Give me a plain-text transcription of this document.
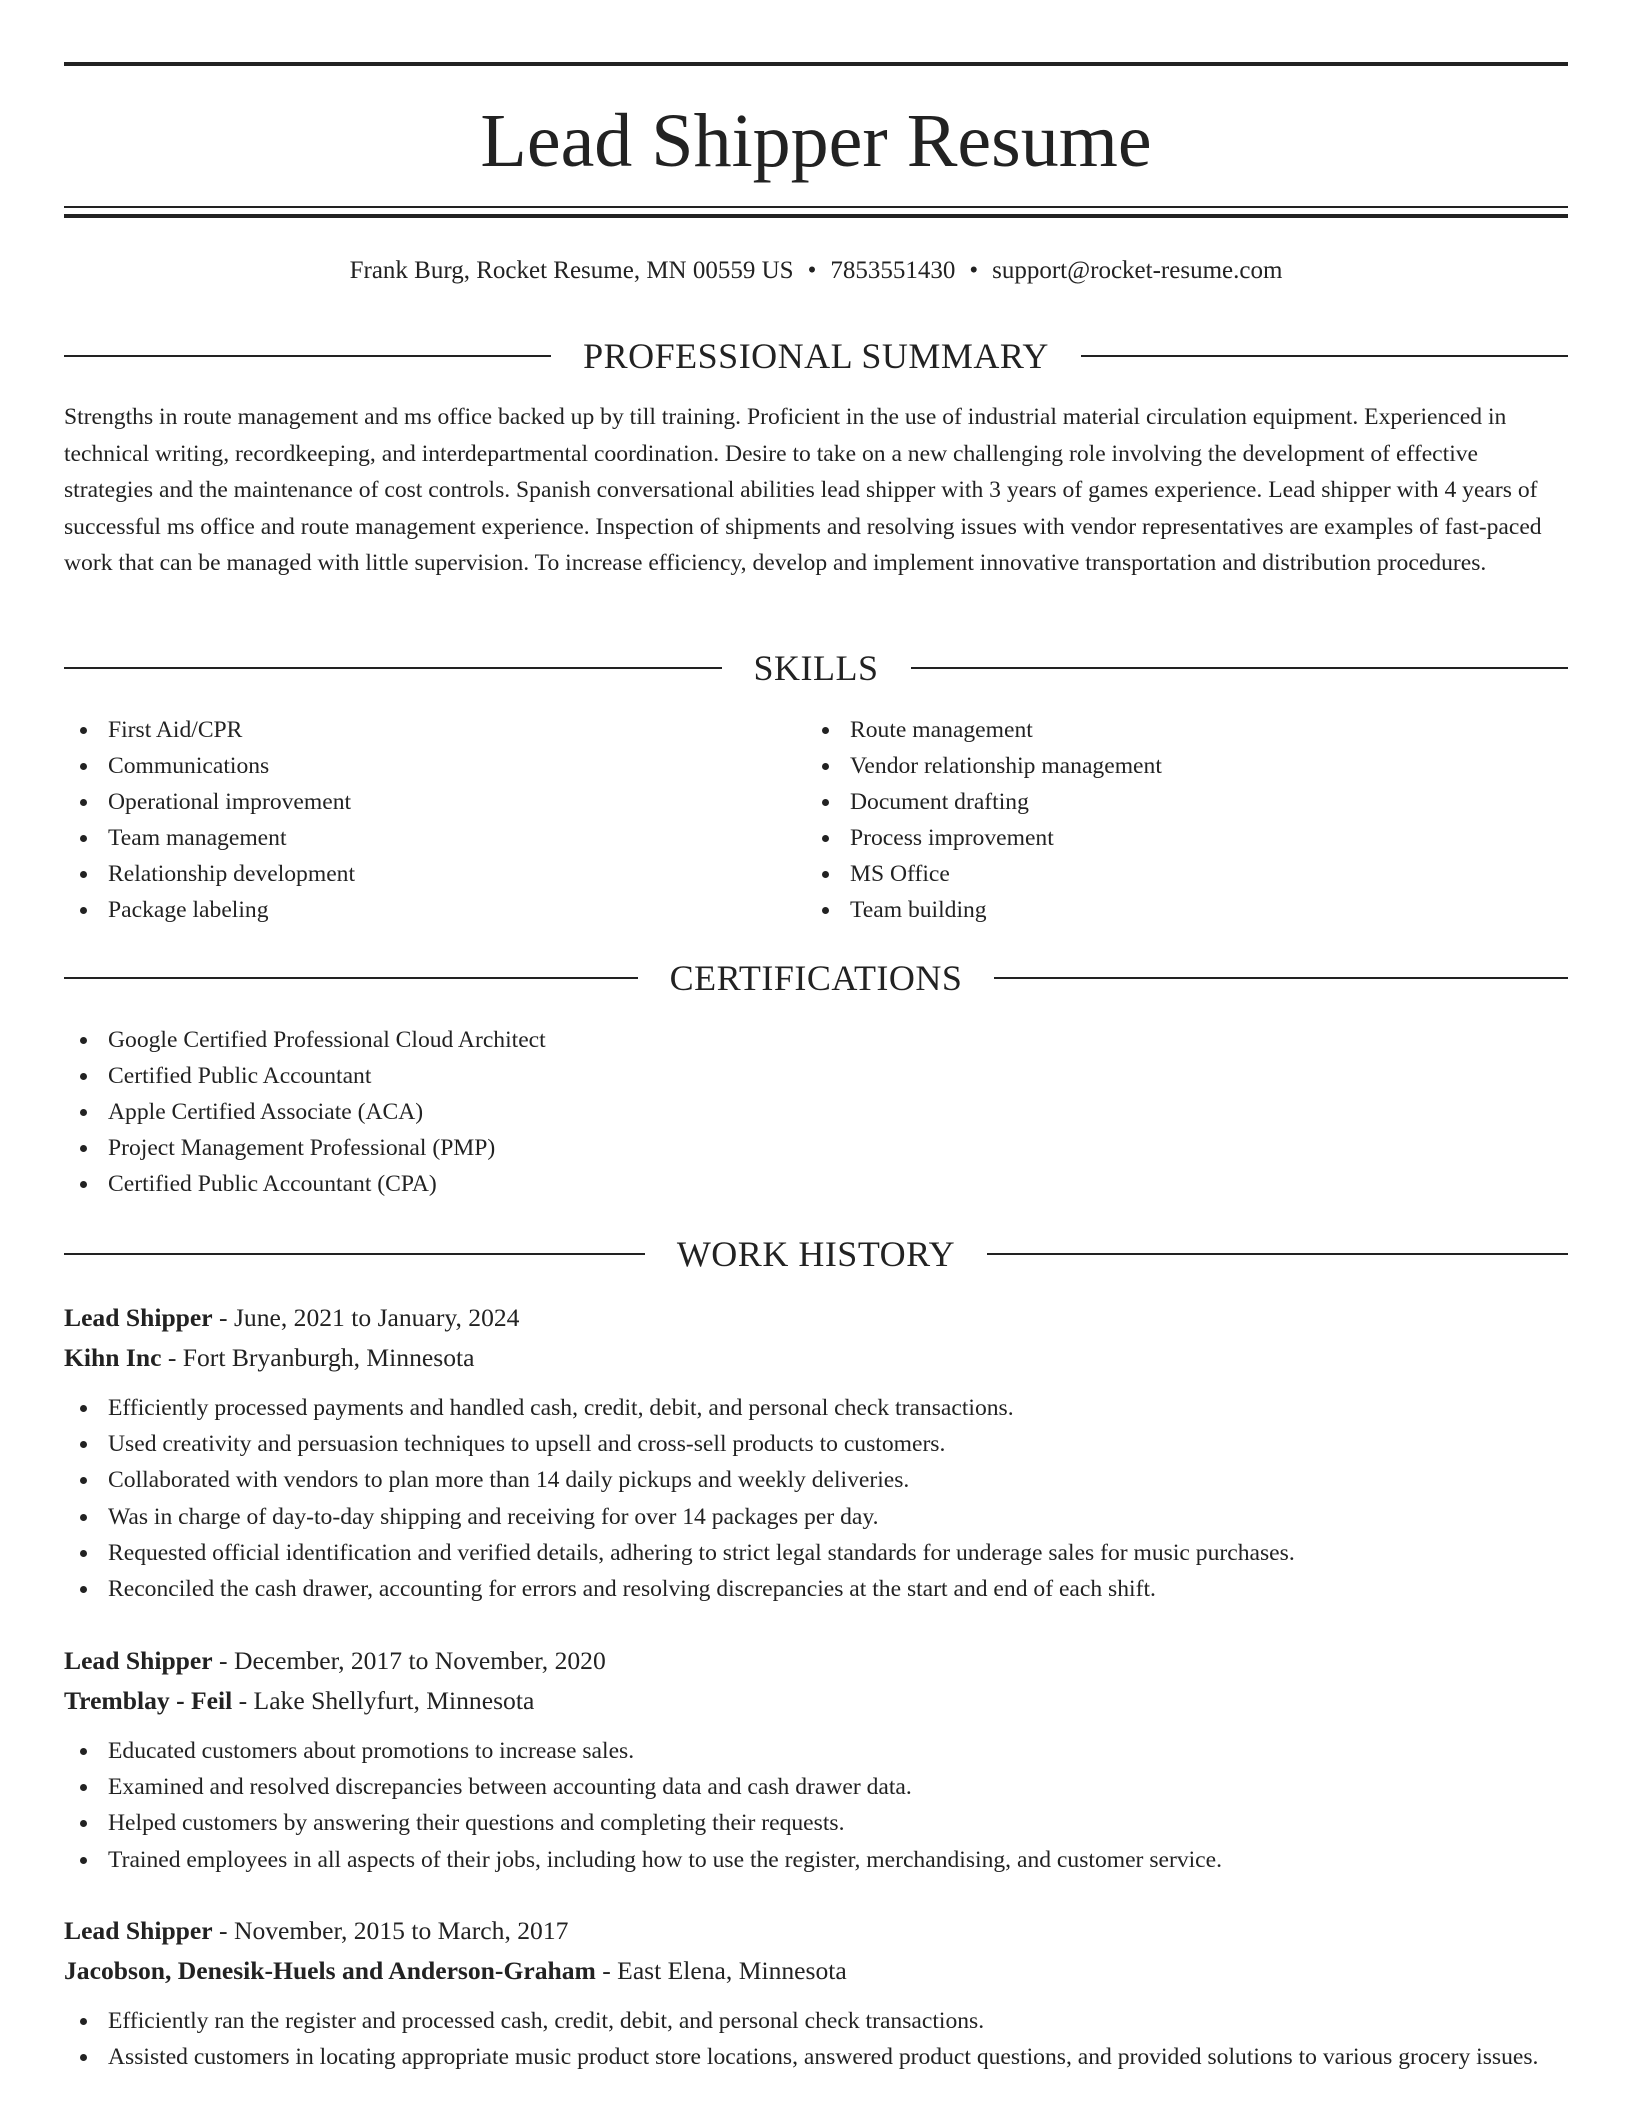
Lead Shipper Resume
Frank Burg, Rocket Resume, MN 00559 US • 7853551430 • support@rocket-resume.com
PROFESSIONAL SUMMARY

Strengths in route management and ms office backed up by till training. Proficient in the use of industrial material circulation equipment. Experienced in technical writing, recordkeeping, and interdepartmental coordination. Desire to take on a new challenging role involving the development of effective strategies and the maintenance of cost controls. Spanish conversational abilities lead shipper with 3 years of games experience. Lead shipper with 4 years of successful ms office and route management experience. Inspection of shipments and resolving issues with vendor representatives are examples of fast-paced work that can be managed with little supervision. To increase efficiency, develop and implement innovative transportation and distribution procedures.

SKILLS
First Aid/CPR
Communications
Operational improvement
Team management
Relationship development
Package labeling
Route management
Vendor relationship management
Document drafting
Process improvement
MS Office
Team building
CERTIFICATIONS
Google Certified Professional Cloud Architect
Certified Public Accountant
Apple Certified Associate (ACA)
Project Management Professional (PMP)
Certified Public Accountant (CPA)
WORK HISTORY
Lead Shipper - June, 2021 to January, 2024
Kihn Inc - Fort Bryanburgh, Minnesota
Efficiently processed payments and handled cash, credit, debit, and personal check transactions.
Used creativity and persuasion techniques to upsell and cross-sell products to customers.
Collaborated with vendors to plan more than 14 daily pickups and weekly deliveries.
Was in charge of day-to-day shipping and receiving for over 14 packages per day.
Requested official identification and verified details, adhering to strict legal standards for underage sales for music purchases.
Reconciled the cash drawer, accounting for errors and resolving discrepancies at the start and end of each shift.
Lead Shipper - December, 2017 to November, 2020
Tremblay - Feil - Lake Shellyfurt, Minnesota
Educated customers about promotions to increase sales.
Examined and resolved discrepancies between accounting data and cash drawer data.
Helped customers by answering their questions and completing their requests.
Trained employees in all aspects of their jobs, including how to use the register, merchandising, and customer service.
Lead Shipper - November, 2015 to March, 2017
Jacobson, Denesik-Huels and Anderson-Graham - East Elena, Minnesota
Efficiently ran the register and processed cash, credit, debit, and personal check transactions.
Assisted customers in locating appropriate music product store locations, answered product questions, and provided solutions to various grocery issues.
